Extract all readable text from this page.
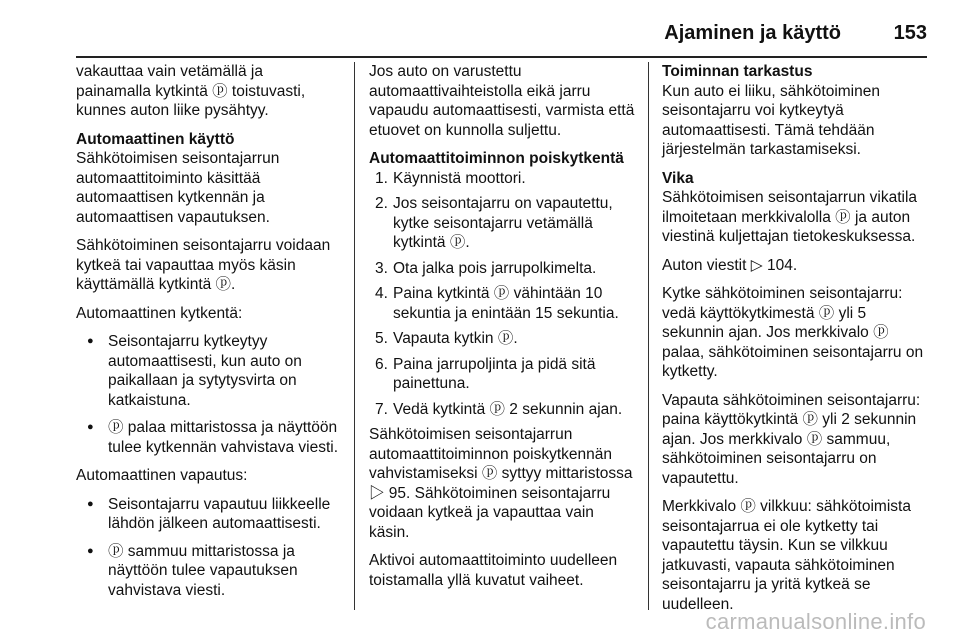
Ajaminen ja käyttö	153

vakauttaa vain vetämällä ja painamalla kytkintä ⓟ toistuvasti, kunnes auton liike pysähtyy.

Automaattinen käyttö

Sähkötoimisen seisontajarrun automaattitoiminto käsittää automaattisen kytkennän ja automaattisen vapautuksen.

Sähkötoiminen seisontajarru voidaan kytkeä tai vapauttaa myös käsin käyttämällä kytkintä ⓟ.

Automaattinen kytkentä:

● Seisontajarru kytkeytyy automaattisesti, kun auto on paikallaan ja sytytysvirta on katkaistuna.
● ⓟ palaa mittaristossa ja näyttöön tulee kytkennän vahvistava viesti.

Automaattinen vapautus:

● Seisontajarru vapautuu liikkeelle lähdön jälkeen automaattisesti.
● ⓟ sammuu mittaristossa ja näyttöön tulee vapautuksen vahvistava viesti.

Jos auto on varustettu automaattivaihteistolla eikä jarru vapaudu automaattisesti, varmista että etuovet on kunnolla suljettu.

Automaattitoiminnon poiskytkentä
1. Käynnistä moottori.
2. Jos seisontajarru on vapautettu, kytke seisontajarru vetämällä kytkintä ⓟ.
3. Ota jalka pois jarrupolkimelta.
4. Paina kytkintä ⓟ vähintään 10 sekuntia ja enintään 15 sekuntia.
5. Vapauta kytkin ⓟ.
6. Paina jarrupoljinta ja pidä sitä painettuna.
7. Vedä kytkintä ⓟ 2 sekunnin ajan.

Sähkötoimisen seisontajarrun automaattitoiminnon poiskytkennän vahvistamiseksi ⓟ syttyy mittaristossa ▷ 95. Sähkötoiminen seisontajarru voidaan kytkeä ja vapauttaa vain käsin.

Aktivoi automaattitoiminto uudelleen toistamalla yllä kuvatut vaiheet.

Toiminnan tarkastus

Kun auto ei liiku, sähkötoiminen seisontajarru voi kytkeytyä automaattisesti. Tämä tehdään järjestelmän tarkastamiseksi.

Vika

Sähkötoimisen seisontajarrun vikatila ilmoitetaan merkkivalolla ⓟ ja auton viestinä kuljettajan tietokeskuksessa.

Auton viestit ▷ 104.

Kytke sähkötoiminen seisontajarru: vedä käyttökytkimestä ⓟ yli 5 sekunnin ajan. Jos merkkivalo ⓟ palaa, sähkötoiminen seisontajarru on kytketty.

Vapauta sähkötoiminen seisontajarru: paina käyttökytkintä ⓟ yli 2 sekunnin ajan. Jos merkkivalo ⓟ sammuu, sähkötoiminen seisontajarru on vapautettu.

Merkkivalo ⓟ vilkkuu: sähkötoimista seisontajarrua ei ole kytketty tai vapautettu täysin. Kun se vilkkuu jatkuvasti, vapauta sähkötoiminen seisontajarru ja yritä kytkeä se uudelleen.

carmanualsonline.info
